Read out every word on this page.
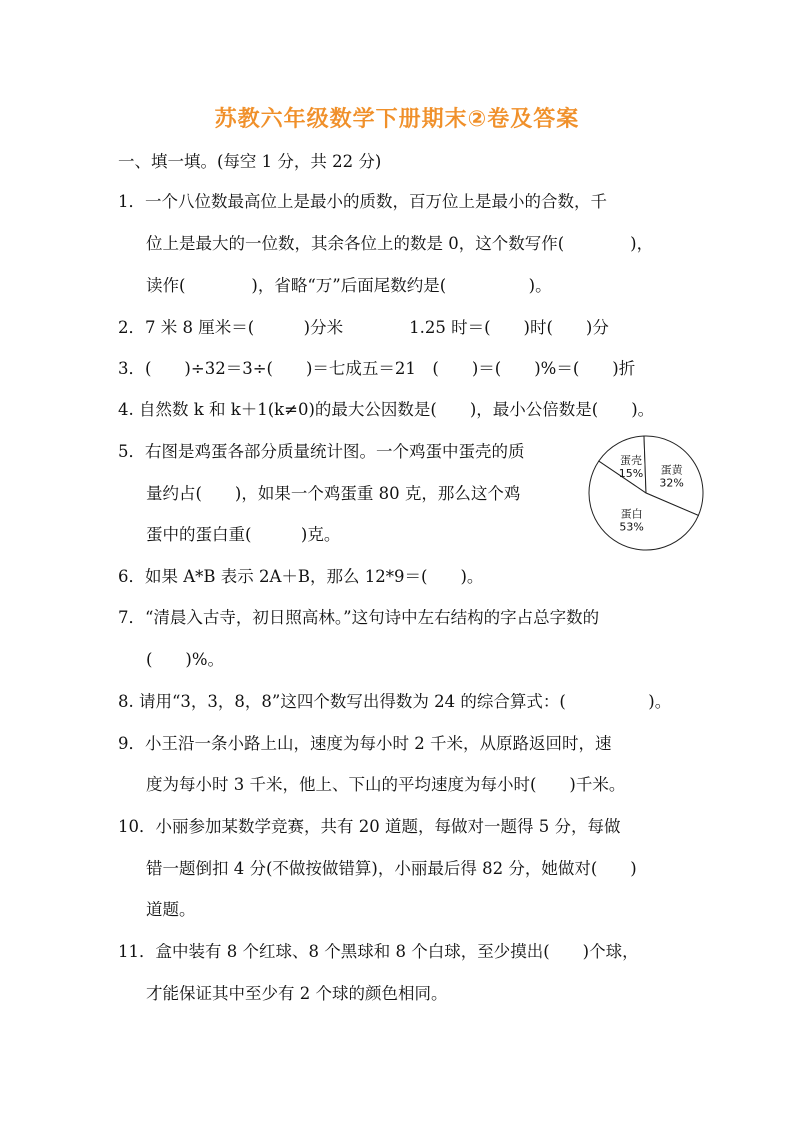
苏教六年级数学下册期末②卷及答案
一、填一填。(每空 1 分，共 22 分)
1．一个八位数最高位上是最小的质数，百万位上是最小的合数，千
位上是最大的一位数，其余各位上的数是 0，这个数写作(　　　　)，
读作(　　　　)，省略“万”后面尾数约是(　　　　　)。
2．7 米 8 厘米＝(　　　)分米　　　　1.25 时＝(　　)时(　　)分
3．(　　)÷32＝3÷(　　)＝七成五＝21　(　　)＝(　　)%＝(　　)折
4. 自然数 k 和 k＋1(k≠0)的最大公因数是(　　)，最小公倍数是(　　)。
5．右图是鸡蛋各部分质量统计图。一个鸡蛋中蛋壳的质
量约占(　　)，如果一个鸡蛋重 80 克，那么这个鸡
蛋中的蛋白重(　　　)克。
6．如果 A*B 表示 2A＋B，那么 12*9＝(　　)。
7．“清晨入古寺，初日照高林。”这句诗中左右结构的字占总字数的
(　　)%。
8. 请用“3，3，8，8”这四个数写出得数为 24 的综合算式：(　　　　　)。
9．小王沿一条小路上山，速度为每小时 2 千米，从原路返回时，速
度为每小时 3 千米，他上、下山的平均速度为每小时(　　)千米。
10．小丽参加某数学竞赛，共有 20 道题，每做对一题得 5 分，每做
错一题倒扣 4 分(不做按做错算)，小丽最后得 82 分，她做对(　　)
道题。
11．盒中装有 8 个红球、8 个黑球和 8 个白球，至少摸出(　　)个球，
才能保证其中至少有 2 个球的颜色相同。
蛋壳
15% 蛋黄
32%
蛋白
53%
